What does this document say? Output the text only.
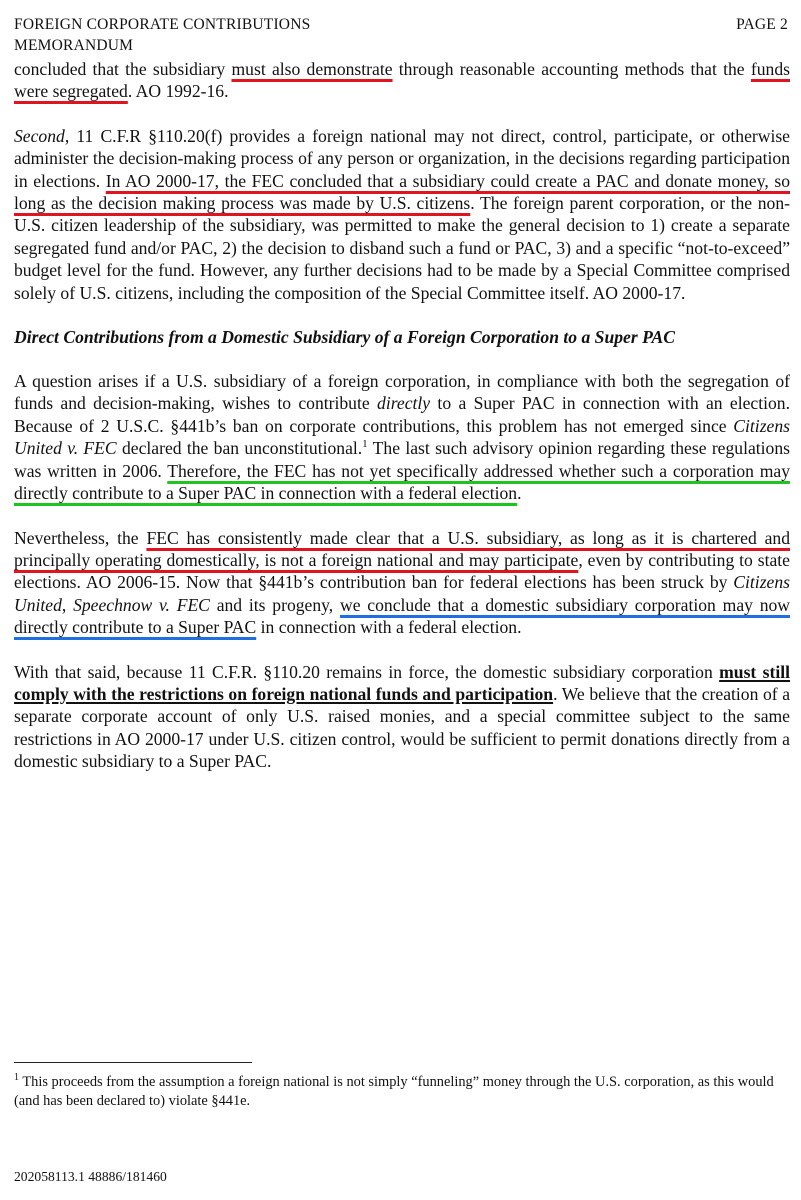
FOREIGN CORPORATE CONTRIBUTIONS
MEMORANDUM
PAGE 2

concluded that the subsidiary must also demonstrate through reasonable accounting methods that the funds were segregated. AO 1992-16.

Second, 11 C.F.R §110.20(f) provides a foreign national may not direct, control, participate, or otherwise administer the decision-making process of any person or organization, in the decisions regarding participation in elections. In AO 2000-17, the FEC concluded that a subsidiary could create a PAC and donate money, so long as the decision making process was made by U.S. citizens. The foreign parent corporation, or the non-U.S. citizen leadership of the subsidiary, was permitted to make the general decision to 1) create a separate segregated fund and/or PAC, 2) the decision to disband such a fund or PAC, 3) and a specific “not-to-exceed” budget level for the fund. However, any further decisions had to be made by a Special Committee comprised solely of U.S. citizens, including the composition of the Special Committee itself. AO 2000-17.

Direct Contributions from a Domestic Subsidiary of a Foreign Corporation to a Super PAC

A question arises if a U.S. subsidiary of a foreign corporation, in compliance with both the segregation of funds and decision-making, wishes to contribute directly to a Super PAC in connection with an election. Because of 2 U.S.C. §441b’s ban on corporate contributions, this problem has not emerged since Citizens United v. FEC declared the ban unconstitutional.$^1$ The last such advisory opinion regarding these regulations was written in 2006. Therefore, the FEC has not yet specifically addressed whether such a corporation may directly contribute to a Super PAC in connection with a federal election.

Nevertheless, the FEC has consistently made clear that a U.S. subsidiary, as long as it is chartered and principally operating domestically, is not a foreign national and may participate, even by contributing to state elections. AO 2006-15. Now that §441b’s contribution ban for federal elections has been struck by Citizens United, Speechnow v. FEC and its progeny, we conclude that a domestic subsidiary corporation may now directly contribute to a Super PAC in connection with a federal election.

With that said, because 11 C.F.R. §110.20 remains in force, the domestic subsidiary corporation must still comply with the restrictions on foreign national funds and participation. We believe that the creation of a separate corporate account of only U.S. raised monies, and a special committee subject to the same restrictions in AO 2000-17 under U.S. citizen control, would be sufficient to permit donations directly from a domestic subsidiary to a Super PAC.

$^1$ This proceeds from the assumption a foreign national is not simply “funneling” money through the U.S. corporation, as this would (and has been declared to) violate §441e.
202058113.1 48886/181460
